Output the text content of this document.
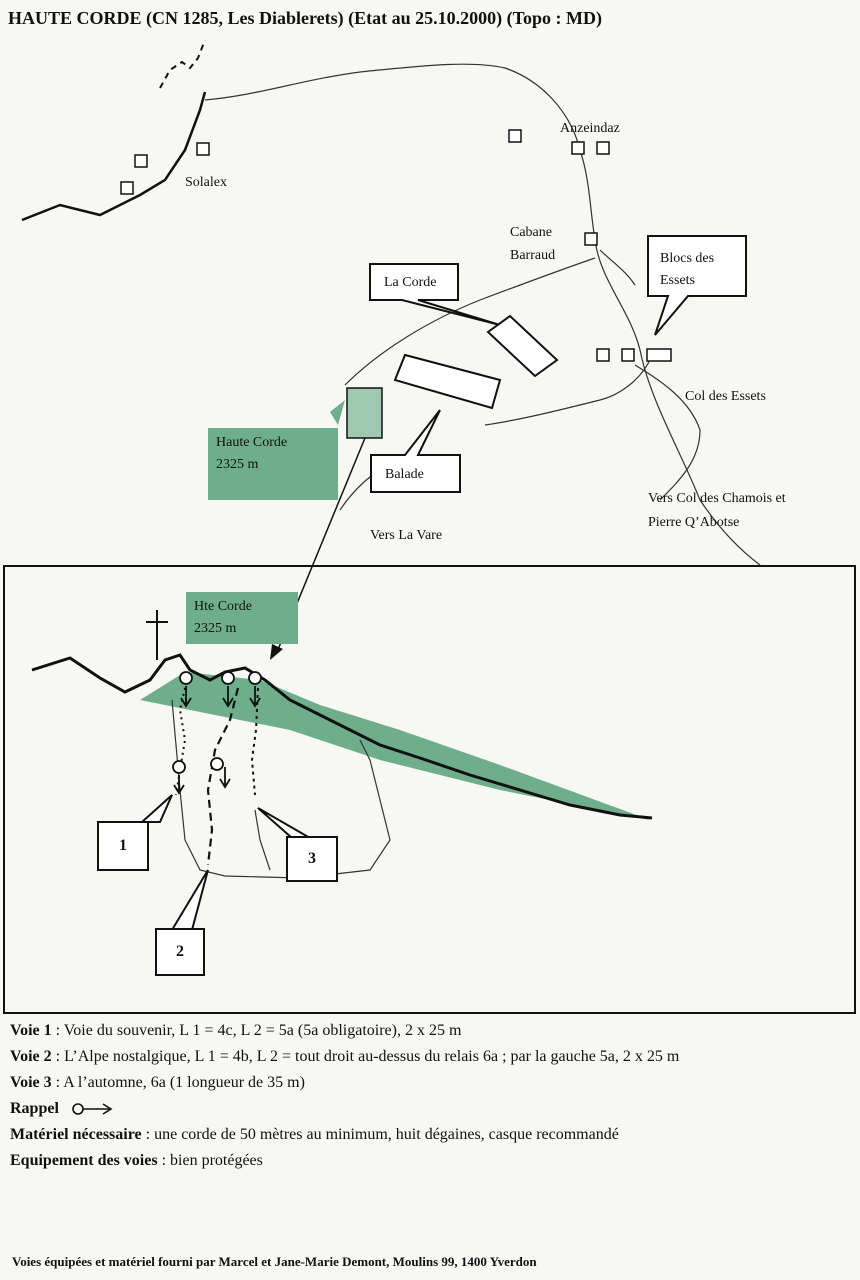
HAUTE CORDE (CN 1285, Les Diablerets) (Etat au 25.10.2000) (Topo : MD)
Solalex
Anzeindaz
Cabane
Barraud
Col des Essets
Vers La Vare
Vers Col des Chamois et
Pierre Q’Abotse
La Corde
Blocs des
Essets
Balade
Haute Corde
2325 m
Hte Corde
2325 m
1
2
3

Voie 1 : Voie du souvenir, L 1 = 4c, L 2 = 5a (5a obligatoire), 2 x 25 m

Voie 2 : L’Alpe nostalgique, L 1 = 4b, L 2 = tout droit au-dessus du relais 6a ; par la gauche 5a, 2 x 25 m

Voie 3 : A l’automne, 6a (1 longueur de 35 m)

Rappel

Matériel nécessaire : une corde de 50 mètres au minimum, huit dégaines, casque recommandé

Equipement des voies : bien protégées

Voies équipées et matériel fourni par Marcel et Jane-Marie Demont, Moulins 99, 1400 Yverdon
